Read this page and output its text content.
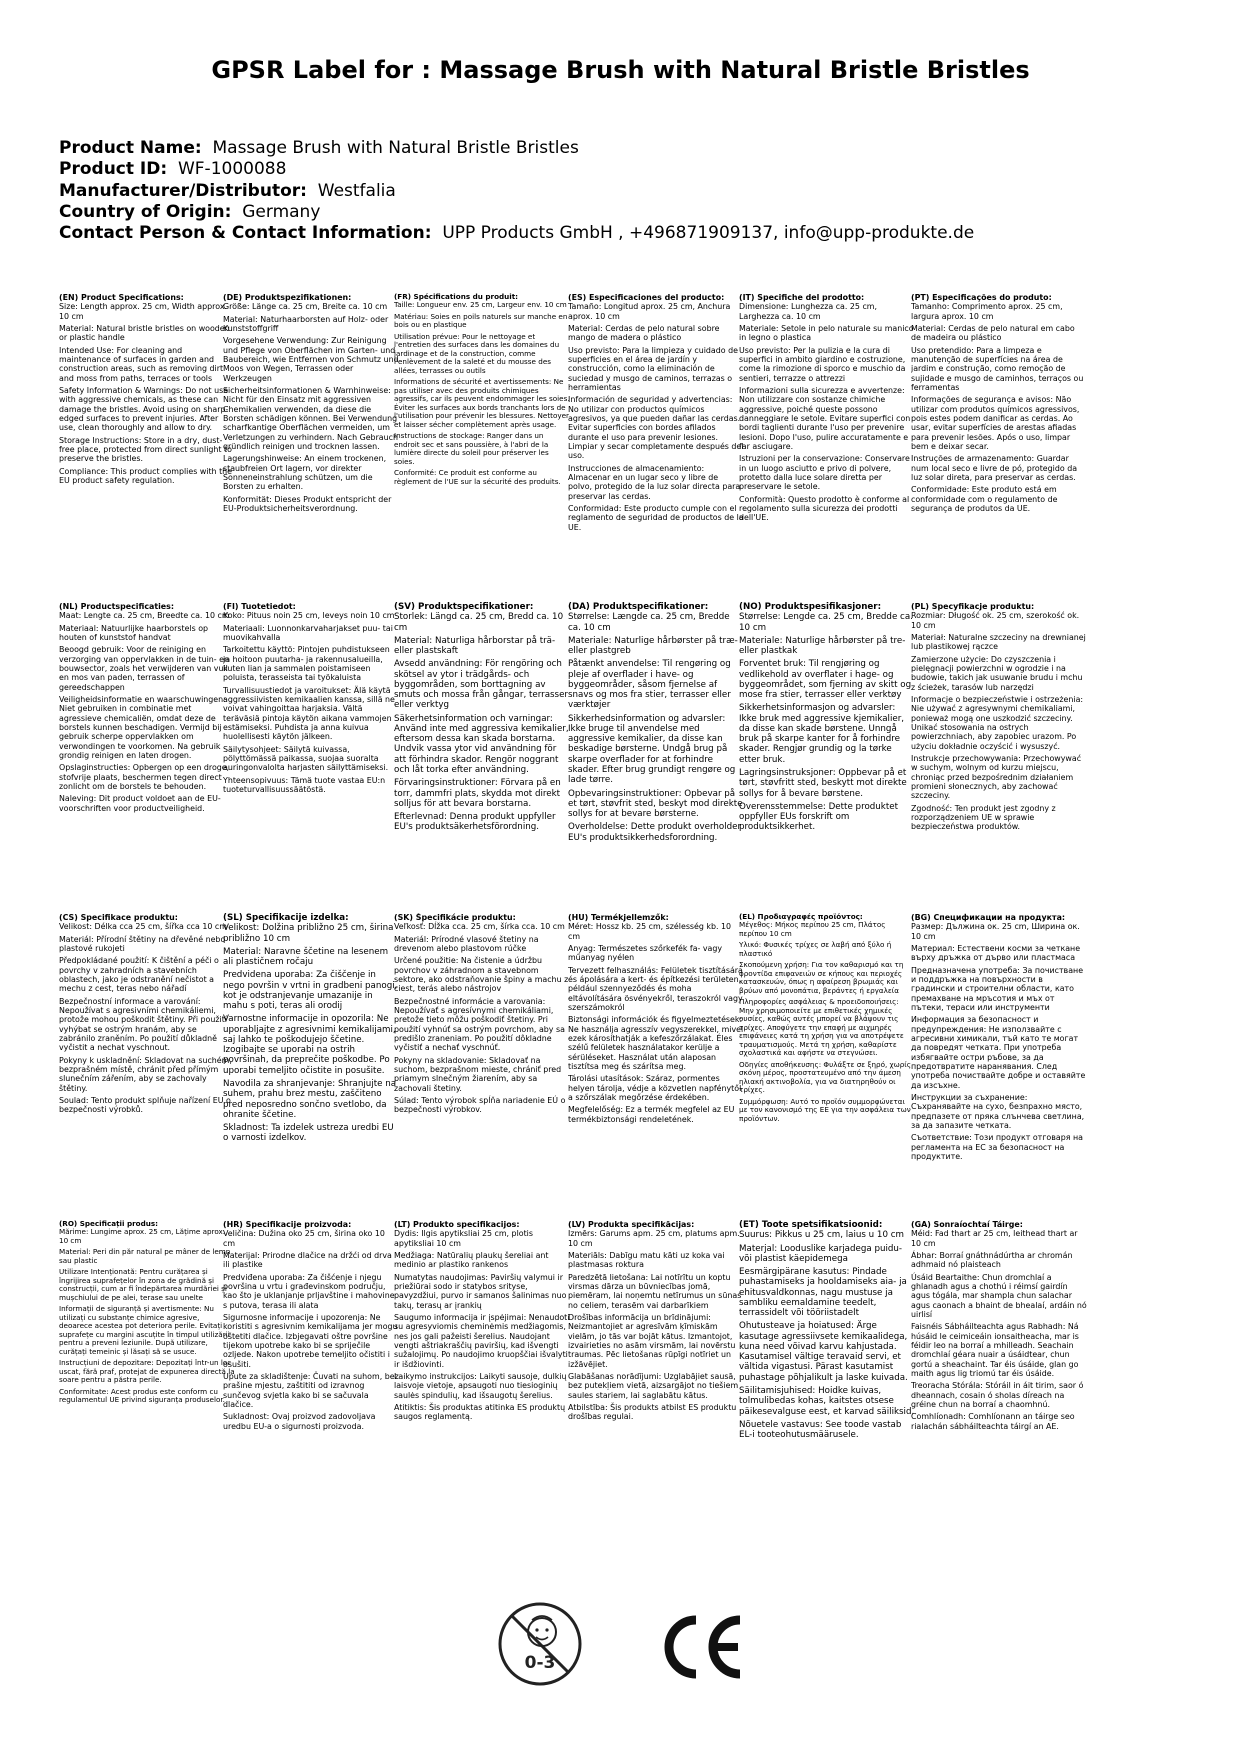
GPSR Label for : Massage Brush with Natural Bristle Bristles
Product Name: Massage Brush with Natural Bristle Bristles
Product ID: WF-1000088
Manufacturer/Distributor: Westfalia
Country of Origin: Germany
Contact Person & Contact Information: UPP Products GmbH , +496871909137, info@upp-produkte.de
(EN) Product Specifications:
Size: Length approx. 25 cm, Width approx. 10 cm
Material: Natural bristle bristles on wooden or plastic handle
Intended Use: For cleaning and maintenance of surfaces in garden and construction areas, such as removing dirt and moss from paths, terraces or tools
Safety Information & Warnings: Do not use with aggressive chemicals, as these can damage the bristles. Avoid using on sharp-edged surfaces to prevent injuries. After use, clean thoroughly and allow to dry.
Storage Instructions: Store in a dry, dust-free place, protected from direct sunlight to preserve the bristles.
Compliance: This product complies with the EU product safety regulation.
(DE) Produktspezifikationen:
Größe: Länge ca. 25 cm, Breite ca. 10 cm
Material: Naturhaarborsten auf Holz- oder Kunststoffgriff
Vorgesehene Verwendung: Zur Reinigung und Pflege von Oberflächen im Garten- und Baubereich, wie Entfernen von Schmutz und Moos von Wegen, Terrassen oder Werkzeugen
Sicherheitsinformationen & Warnhinweise: Nicht für den Einsatz mit aggressiven Chemikalien verwenden, da diese die Borsten schädigen können. Bei Verwendung scharfkantige Oberflächen vermeiden, um Verletzungen zu verhindern. Nach Gebrauch gründlich reinigen und trocknen lassen.
Lagerungshinweise: An einem trockenen, staubfreien Ort lagern, vor direkter Sonneneinstrahlung schützen, um die Borsten zu erhalten.
Konformität: Dieses Produkt entspricht der EU-Produktsicherheitsverordnung.
(FR) Spécifications du produit:
Taille: Longueur env. 25 cm, Largeur env. 10 cm
Matériau: Soies en poils naturels sur manche en bois ou en plastique
Utilisation prévue: Pour le nettoyage et l'entretien des surfaces dans les domaines du jardinage et de la construction, comme l'enlèvement de la saleté et du mousse des allées, terrasses ou outils
Informations de sécurité et avertissements: Ne pas utiliser avec des produits chimiques agressifs, car ils peuvent endommager les soies. Éviter les surfaces aux bords tranchants lors de l'utilisation pour prévenir les blessures. Nettoyer et laisser sécher complètement après usage.
Instructions de stockage: Ranger dans un endroit sec et sans poussière, à l'abri de la lumière directe du soleil pour préserver les soies.
Conformité: Ce produit est conforme au règlement de l'UE sur la sécurité des produits.
(ES) Especificaciones del producto:
Tamaño: Longitud aprox. 25 cm, Anchura aprox. 10 cm
Material: Cerdas de pelo natural sobre mango de madera o plástico
Uso previsto: Para la limpieza y cuidado de superficies en el área de jardín y construcción, como la eliminación de suciedad y musgo de caminos, terrazas o herramientas
Información de seguridad y advertencias: No utilizar con productos químicos agresivos, ya que pueden dañar las cerdas. Evitar superficies con bordes afilados durante el uso para prevenir lesiones. Limpiar y secar completamente después del uso.
Instrucciones de almacenamiento: Almacenar en un lugar seco y libre de polvo, protegido de la luz solar directa para preservar las cerdas.
Conformidad: Este producto cumple con el reglamento de seguridad de productos de la UE.
(IT) Specifiche del prodotto:
Dimensione: Lunghezza ca. 25 cm, Larghezza ca. 10 cm
Materiale: Setole in pelo naturale su manico in legno o plastica
Uso previsto: Per la pulizia e la cura di superfici in ambito giardino e costruzione, come la rimozione di sporco e muschio da sentieri, terrazze o attrezzi
Informazioni sulla sicurezza e avvertenze: Non utilizzare con sostanze chimiche aggressive, poiché queste possono danneggiare le setole. Evitare superfici con bordi taglienti durante l'uso per prevenire lesioni. Dopo l'uso, pulire accuratamente e far asciugare.
Istruzioni per la conservazione: Conservare in un luogo asciutto e privo di polvere, protetto dalla luce solare diretta per preservare le setole.
Conformità: Questo prodotto è conforme al regolamento sulla sicurezza dei prodotti dell'UE.
(PT) Especificações do produto:
Tamanho: Comprimento aprox. 25 cm, largura aprox. 10 cm
Material: Cerdas de pelo natural em cabo de madeira ou plástico
Uso pretendido: Para a limpeza e manutenção de superfícies na área de jardim e construção, como remoção de sujidade e musgo de caminhos, terraços ou ferramentas
Informações de segurança e avisos: Não utilizar com produtos químicos agressivos, pois estes podem danificar as cerdas. Ao usar, evitar superfícies de arestas afiadas para prevenir lesões. Após o uso, limpar bem e deixar secar.
Instruções de armazenamento: Guardar num local seco e livre de pó, protegido da luz solar direta, para preservar as cerdas.
Conformidade: Este produto está em conformidade com o regulamento de segurança de produtos da UE.
(NL) Productspecificaties:
Maat: Lengte ca. 25 cm, Breedte ca. 10 cm
Materiaal: Natuurlijke haarborstels op houten of kunststof handvat
Beoogd gebruik: Voor de reiniging en verzorging van oppervlakken in de tuin- en bouwsector, zoals het verwijderen van vuil en mos van paden, terrassen of gereedschappen
Veiligheidsinformatie en waarschuwingen: Niet gebruiken in combinatie met agressieve chemicaliën, omdat deze de borstels kunnen beschadigen. Vermijd bij gebruik scherpe oppervlakken om verwondingen te voorkomen. Na gebruik grondig reinigen en laten drogen.
Opslaginstructies: Opbergen op een droge, stofvrije plaats, beschermen tegen direct zonlicht om de borstels te behouden.
Naleving: Dit product voldoet aan de EU-voorschriften voor productveiligheid.
(FI) Tuotetiedot:
Koko: Pituus noin 25 cm, leveys noin 10 cm
Materiaali: Luonnonkarvaharjakset puu- tai muovikahvalla
Tarkoitettu käyttö: Pintojen puhdistukseen ja hoitoon puutarha- ja rakennusalueilla, kuten lian ja sammalen poistamiseen poluista, terasseista tai työkaluista
Turvallisuustiedot ja varoitukset: Älä käytä aggressiivisten kemikaalien kanssa, sillä ne voivat vahingoittaa harjaksia. Vältä teräväsiä pintoja käytön aikana vammojen estämiseksi. Puhdista ja anna kuivua huolellisesti käytön jälkeen.
Säilytysohjeet: Säilytä kuivassa, pölyttömässä paikassa, suojaa suoralta auringonvalolta harjasten säilyttämiseksi.
Yhteensopivuus: Tämä tuote vastaa EU:n tuoteturvallisuussäätöstä.
(SV) Produktspecifikationer:
Storlek: Längd ca. 25 cm, Bredd ca. 10 cm
Material: Naturliga hårborstar på trä- eller plastskaft
Avsedd användning: För rengöring och skötsel av ytor i trädgårds- och byggområden, som borttagning av smuts och mossa från gångar, terrasser eller verktyg
Säkerhetsinformation och varningar: Använd inte med aggressiva kemikalier, eftersom dessa kan skada borstarna. Undvik vassa ytor vid användning för att förhindra skador. Rengör noggrant och låt torka efter användning.
Förvaringsinstruktioner: Förvara på en torr, dammfri plats, skydda mot direkt solljus för att bevara borstarna.
Efterlevnad: Denna produkt uppfyller EU's produktsäkerhetsförordning.
(DA) Produktspecifikationer:
Størrelse: Længde ca. 25 cm, Bredde ca. 10 cm
Materiale: Naturlige hårbørster på træ- eller plastgreb
Påtænkt anvendelse: Til rengøring og pleje af overflader i have- og byggeområder, såsom fjernelse af snavs og mos fra stier, terrasser eller værktøjer
Sikkerhedsinformation og advarsler: Ikke bruge til anvendelse med aggressive kemikalier, da disse kan beskadige børsterne. Undgå brug på skarpe overflader for at forhindre skader. Efter brug grundigt rengøre og lade tørre.
Opbevaringsinstruktioner: Opbevar på et tørt, støvfrit sted, beskyt mod direkte sollys for at bevare børsterne.
Overholdelse: Dette produkt overholder EU's produktsikkerhedsforordning.
(NO) Produktspesifikasjoner:
Størrelse: Lengde ca. 25 cm, Bredde ca. 10 cm
Materiale: Naturlige hårbørster på tre- eller plastkak
Forventet bruk: Til rengjøring og vedlikehold av overflater i hage- og byggeområdet, som fjerning av skitt og mose fra stier, terrasser eller verktøy
Sikkerhetsinformasjon og advarsler: Ikke bruk med aggressive kjemikalier, da disse kan skade børstene. Unngå bruk på skarpe kanter for å forhindre skader. Rengjør grundig og la tørke etter bruk.
Lagringsinstruksjoner: Oppbevar på et tørt, støvfritt sted, beskytt mot direkte sollys for å bevare børstene.
Overensstemmelse: Dette produktet oppfyller EUs forskrift om produktsikkerhet.
(PL) Specyfikacje produktu:
Rozmiar: Długość ok. 25 cm, szerokość ok. 10 cm
Materiał: Naturalne szczeciny na drewnianej lub plastikowej rączce
Zamierzone użycie: Do czyszczenia i pielęgnacji powierzchni w ogrodzie i na budowie, takich jak usuwanie brudu i mchu z ścieżek, tarasów lub narzędzi
Informacje o bezpieczeństwie i ostrzeżenia: Nie używać z agresywnymi chemikaliami, ponieważ mogą one uszkodzić szczeciny. Unikać stosowania na ostrych powierzchniach, aby zapobiec urazom. Po użyciu dokładnie oczyścić i wysuszyć.
Instrukcje przechowywania: Przechowywać w suchym, wolnym od kurzu miejscu, chroniąc przed bezpośrednim działaniem promieni słonecznych, aby zachować szczeciny.
Zgodność: Ten produkt jest zgodny z rozporządzeniem UE w sprawie bezpieczeństwa produktów.
(CS) Specifikace produktu:
Velikost: Délka cca 25 cm, šířka cca 10 cm
Materiál: Přírodní štětiny na dřevěné nebo plastové rukojeti
Předpokládané použití: K čištění a péči o povrchy v zahradních a stavebních oblastech, jako je odstranění nečistot a mechu z cest, teras nebo nářadí
Bezpečnostní informace a varování: Nepoužívat s agresivními chemikáliemi, protože mohou poškodit štětiny. Při použití vyhýbat se ostrým hranám, aby se zabránilo zraněním. Po použití důkladně vyčistit a nechat vyschnout.
Pokyny k uskladnění: Skladovat na suchém, bezprašném místě, chránit před přímým slunečním zářením, aby se zachovaly štětiny.
Soulad: Tento produkt splňuje nařízení EU o bezpečnosti výrobků.
(SL) Specifikacije izdelka:
Velikost: Dolžina približno 25 cm, širina približno 10 cm
Material: Naravne ščetine na lesenem ali plastičnem ročaju
Predvidena uporaba: Za čiščenje in nego površin v vrtni in gradbeni panogi, kot je odstranjevanje umazanije in mahu s poti, teras ali orodij
Varnostne informacije in opozorila: Ne uporabljajte z agresivnimi kemikalijami, saj lahko te poškodujejo ščetine. Izogibajte se uporabi na ostrih površinah, da preprečite poškodbe. Po uporabi temeljito očistite in posušite.
Navodila za shranjevanje: Shranjujte na suhem, prahu brez mestu, zaščiteno pred neposredno sončno svetlobo, da ohranite ščetine.
Skladnost: Ta izdelek ustreza uredbi EU o varnosti izdelkov.
(SK) Špecifikácie produktu:
Veľkosť: Dĺžka cca. 25 cm, šírka cca. 10 cm
Materiál: Prírodné vlasové štetiny na drevenom alebo plastovom rúčke
Určené použitie: Na čistenie a údržbu povrchov v záhradnom a stavebnom sektore, ako odstraňovanie špiny a machu z ciest, terás alebo nástrojov
Bezpečnostné informácie a varovania: Nepoužívať s agresívnymi chemikáliami, pretože tieto môžu poškodiť štetiny. Pri použití vyhnúť sa ostrým povrchom, aby sa predišlo zraneniam. Po použití dôkladne vyčistiť a nechať vyschnúť.
Pokyny na skladovanie: Skladovať na suchom, bezprašnom mieste, chrániť pred priamym slnečným žiarením, aby sa zachovali štetiny.
Súlad: Tento výrobok spĺňa nariadenie EÚ o bezpečnosti výrobkov.
(HU) Termékjellemzők:
Méret: Hossz kb. 25 cm, szélesség kb. 10 cm
Anyag: Természetes szőrkefék fa- vagy műanyag nyélen
Tervezett felhasználás: Felületek tisztítására és ápolására a kert- és építkezési területen, például szennyeződés és moha eltávolítására ösvényekről, teraszokról vagy szerszámokról
Biztonsági információk és figyelmeztetések: Ne használja agresszív vegyszerekkel, mivel ezek károsíthatják a kefeszőrzálakat. Éles szélű felületek használatakor kerülje a sérüléseket. Használat után alaposan tisztítsa meg és szárítsa meg.
Tárolási utasítások: Száraz, pormentes helyen tárolja, védje a közvetlen napfénytől a szőrszálak megőrzése érdekében.
Megfelelőség: Ez a termék megfelel az EU termékbiztonsági rendeletének.
(EL) Προδιαγραφές προϊόντος:
Μέγεθος: Μήκος περίπου 25 cm, Πλάτος περίπου 10 cm
Υλικό: Φυσικές τρίχες σε λαβή από ξύλο ή πλαστικό
Σκοπούμενη χρήση: Για τον καθαρισμό και τη φροντίδα επιφανειών σε κήπους και περιοχές κατασκευών, όπως η αφαίρεση βρωμιάς και βρύων από μονοπάτια, βεράντες ή εργαλεία
Πληροφορίες ασφάλειας & προειδοποιήσεις: Μην χρησιμοποιείτε με επιθετικές χημικές ουσίες, καθώς αυτές μπορεί να βλάψουν τις τρίχες. Αποφύγετε την επαφή με αιχμηρές επιφάνειες κατά τη χρήση για να αποτρέψετε τραυματισμούς. Μετά τη χρήση, καθαρίστε σχολαστικά και αφήστε να στεγνώσει.
Οδηγίες αποθήκευσης: Φυλάξτε σε ξηρό, χωρίς σκόνη μέρος, προστατευμένο από την άμεση ηλιακή ακτινοβολία, για να διατηρηθούν οι τρίχες.
Συμμόρφωση: Αυτό το προϊόν συμμορφώνεται με τον κανονισμό της ΕΕ για την ασφάλεια των προϊόντων.
(BG) Спецификации на продукта:
Размер: Дължина ок. 25 cm, Ширина ок. 10 cm
Материал: Естествени косми за четкане върху дръжка от дърво или пластмаса
Предназначена употреба: За почистване и поддръжка на повърхности в градински и строителни области, като премахване на мръсотия и мъх от пътеки, тераси или инструменти
Информация за безопасност и предупреждения: Не използвайте с агресивни химикали, тъй като те могат да повредят четката. При употреба избягвайте остри ръбове, за да предотвратите наранявания. След употреба почиствайте добре и оставяйте да изсъхне.
Инструкции за съхранение: Съхранявайте на сухо, безпрахно място, предпазете от пряка слънчева светлина, за да запазите четката.
Съответствие: Този продукт отговаря на регламента на ЕС за безопасност на продуктите.
(RO) Specificații produs:
Mărime: Lungime aprox. 25 cm, Lățime aprox. 10 cm
Material: Peri din păr natural pe mâner de lemn sau plastic
Utilizare Intenționată: Pentru curățarea și îngrijirea suprafețelor în zona de grădină și construcții, cum ar fi îndepărtarea murdăriei și mușchiului de pe alei, terase sau unelte
Informații de siguranță și avertismente: Nu utilizați cu substanțe chimice agresive, deoarece acestea pot deteriora perile. Evitați suprafețe cu margini ascuțite în timpul utilizării pentru a preveni leziunile. După utilizare, curățați temeinic și lăsați să se usuce.
Instrucțiuni de depozitare: Depozitați într-un loc uscat, fără praf, protejat de expunerea directă la soare pentru a păstra perile.
Conformitate: Acest produs este conform cu regulamentul UE privind siguranța produselor.
(HR) Specifikacije proizvoda:
Veličina: Dužina oko 25 cm, širina oko 10 cm
Materijal: Prirodne dlačice na držći od drva ili plastike
Predviđena uporaba: Za čišćenje i njegu površina u vrtu i građevinskom području, kao što je uklanjanje prljavštine i mahovine s putova, terasa ili alata
Sigurnosne informacije i upozorenja: Ne koristiti s agresivnim kemikalijama jer mogu oštetiti dlačice. Izbjegavati oštre površine tijekom upotrebe kako bi se spriječile ozljede. Nakon upotrebe temeljito očistiti i osušiti.
Upute za skladištenje: Čuvati na suhom, bez prašine mjestu, zaštititi od izravnog sunčevog svjetla kako bi se sačuvala dlačice.
Sukladnost: Ovaj proizvod zadovoljava uredbu EU-a o sigurnosti proizvoda.
(LT) Produkto specifikacijos:
Dydis: Ilgis apytiksliai 25 cm, plotis apytiksliai 10 cm
Medžiaga: Natūralių plaukų šereliai ant medinio ar plastiko rankenos
Numatytas naudojimas: Paviršių valymui ir priežiūrai sodo ir statybos srityse, pavyzdžiui, purvo ir samanos šalinimas nuo takų, terasų ar įrankių
Saugumo informacija ir įspėjimai: Nenaudoti su agresyviomis cheminėmis medžiagomis, nes jos gali pažeisti šerelius. Naudojant vengti aštriakraščių paviršių, kad išvengti sužalojimų. Po naudojimo kruopščiai išvalyti ir išdžiovinti.
Laikymo instrukcijos: Laikyti sausoje, dulkių laisvoje vietoje, apsaugoti nuo tiesioginių saulės spindulių, kad išsaugotų šerelius.
Atitiktis: Šis produktas atitinka ES produktų saugos reglamentą.
(LV) Produkta specifikācijas:
Izmērs: Garums apm. 25 cm, platums apm. 10 cm
Materiāls: Dabīgu matu kāti uz koka vai plastmasas roktura
Paredzētā lietošana: Lai notīrītu un koptu virsmas dārza un būvniecības jomā, piemēram, lai noņemtu netīrumus un sūnas no celiem, terasēm vai darbarīkiem
Drošības informācija un brīdinājumi: Neizmantojiet ar agresīvām ķīmiskām vielām, jo tās var bojāt kātus. Izmantojot, izvairieties no asām virsmām, lai novērstu traumas. Pēc lietošanas rūpīgi notīriet un izžāvējiet.
Glabāšanas norādījumi: Uzglabājiet sausā, bez putekļiem vietā, aizsargājot no tiešiem saules stariem, lai saglabātu kātus.
Atbilstība: Šis produkts atbilst ES produktu drošības regulai.
(ET) Toote spetsifikatsioonid:
Suurus: Pikkus u 25 cm, laius u 10 cm
Materjal: Looduslike karjadega puidu- või plastist käepidemega
Eesmärgipärane kasutus: Pindade puhastamiseks ja hooldamiseks aia- ja ehitusvaldkonnas, nagu mustuse ja sambliku eemaldamine teedelt, terrassidelt või tööriistadelt
Ohutusteave ja hoiatused: Ärge kasutage agressiivsete kemikaalidega, kuna need võivad karvu kahjustada. Kasutamisel vältige teravaid servi, et vältida vigastusi. Pärast kasutamist puhastage põhjalikult ja laske kuivada.
Säilitamisjuhised: Hoidke kuivas, tolmulibedas kohas, kaitstes otsese päikesevalguse eest, et karvad säiliksid.
Nõuetele vastavus: See toode vastab EL-i tooteohutusmäärusele.
(GA) Sonraíochtaí Táirge:
Méid: Fad thart ar 25 cm, leithead thart ar 10 cm
Ábhar: Borraí gnáthnádúrtha ar chromán adhmaid nó plaisteach
Úsáid Beartaithe: Chun dromchlaí a ghlanadh agus a chothú i réimsí gairdín agus tógála, mar shampla chun salachar agus caonach a bhaint de bhealaí, ardáin nó uirlisí
Faisnéis Sábháilteachta agus Rabhadh: Ná húsáid le ceimiceáin ionsaitheacha, mar is féidir leo na borraí a mhilleadh. Seachain dromchlaí géara nuair a úsáidtear, chun gortú a sheachaint. Tar éis úsáide, glan go maith agus lig triomú tar éis úsáide.
Treoracha Stórála: Stóráil in áit tirim, saor ó dheannach, cosain ó sholas díreach na gréine chun na borraí a chaomhnú.
Comhlíonadh: Comhlíonann an táirge seo rialachán sábháilteachta táirgí an AE.
0-3
